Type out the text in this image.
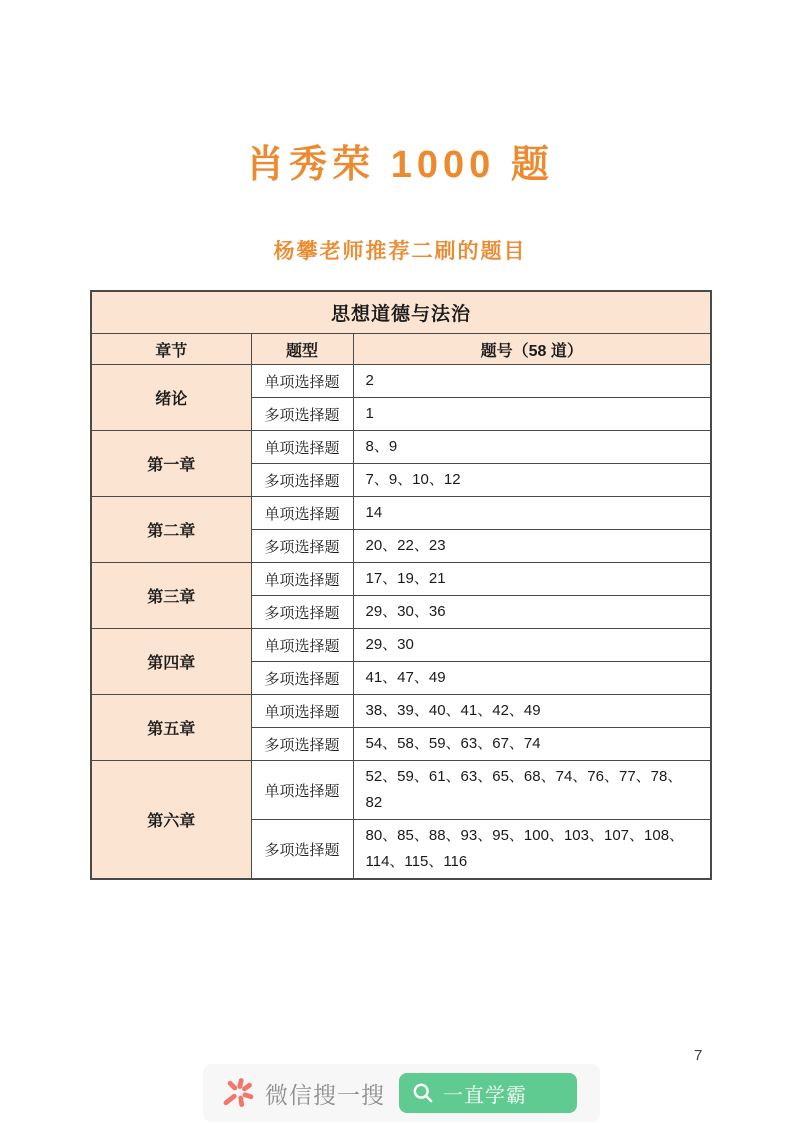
肖秀荣 1000 题
杨攀老师推荐二刷的题目
思想道德与法治		
章节	题型	题号（58 道）
绪论	单项选择题	2
	多项选择题	1
第一章	单项选择题	8、9
	多项选择题	7、9、10、12
第二章	单项选择题	14
	多项选择题	20、22、23
第三章	单项选择题	17、19、21
	多项选择题	29、30、36
第四章	单项选择题	29、30
	多项选择题	41、47、49
第五章	单项选择题	38、39、40、41、42、49
	多项选择题	54、58、59、63、67、74
第六章	单项选择题	52、59、61、63、65、68、74、76、77、78、82
	多项选择题	80、85、88、93、95、100、103、107、108、114、115、116
7
微信搜一搜	一直学霸
